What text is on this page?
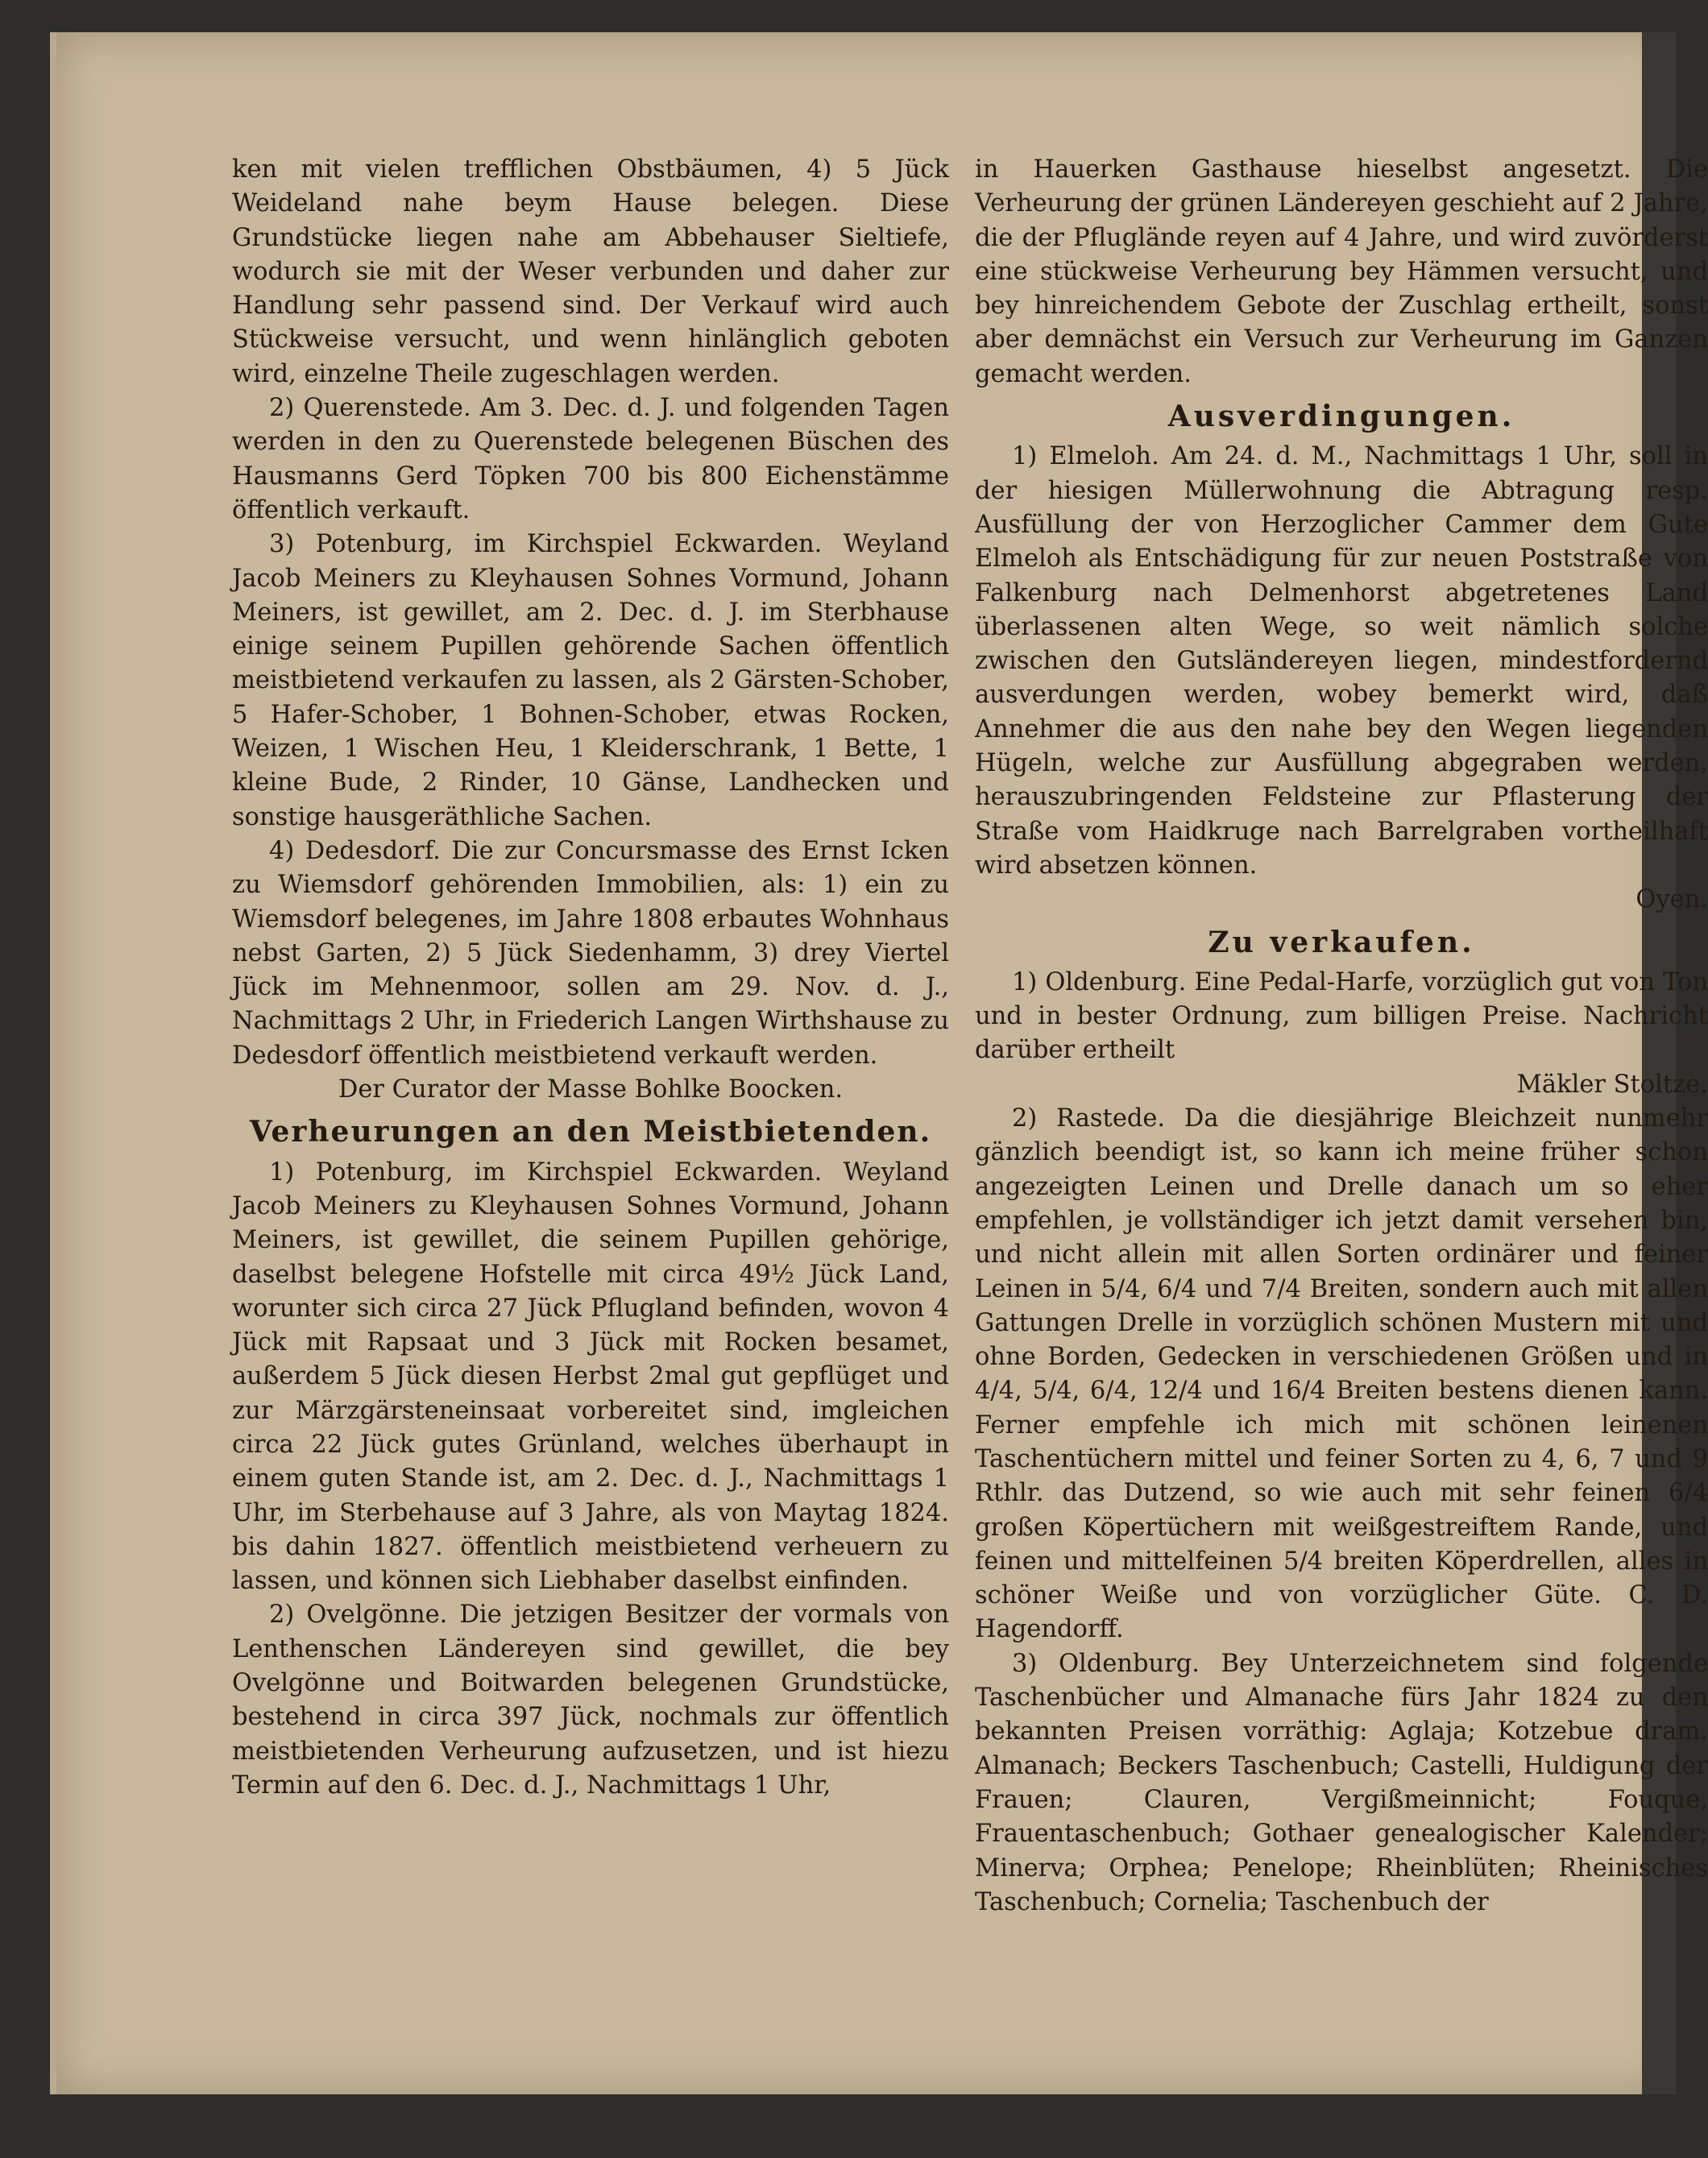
ken mit vielen trefflichen Obstbäumen, 4) 5 Jück Weideland nahe beym Hause belegen. Diese Grundstücke liegen nahe am Abbehauser Sieltiefe, wodurch sie mit der Weser verbunden und daher zur Handlung sehr passend sind. Der Verkauf wird auch Stückweise versucht, und wenn hinlänglich geboten wird, einzelne Theile zugeschlagen werden.

2) Querenstede. Am 3. Dec. d. J. und folgenden Tagen werden in den zu Querenstede belegenen Büschen des Hausmanns Gerd Töpken 700 bis 800 Eichenstämme öffentlich verkauft.

3) Potenburg, im Kirchspiel Eckwarden. Weyland Jacob Meiners zu Kleyhausen Sohnes Vormund, Johann Meiners, ist gewillet, am 2. Dec. d. J. im Sterbhause einige seinem Pupillen gehörende Sachen öffentlich meistbietend verkaufen zu lassen, als 2 Gärsten-Schober, 5 Hafer-Schober, 1 Bohnen-Schober, etwas Rocken, Weizen, 1 Wischen Heu, 1 Kleiderschrank, 1 Bette, 1 kleine Bude, 2 Rinder, 10 Gänse, Landhecken und sonstige hausgeräthliche Sachen.

4) Dedesdorf. Die zur Concursmasse des Ernst Icken zu Wiemsdorf gehörenden Immobilien, als: 1) ein zu Wiemsdorf belegenes, im Jahre 1808 erbautes Wohnhaus nebst Garten, 2) 5 Jück Siedenhamm, 3) drey Viertel Jück im Mehnenmoor, sollen am 29. Nov. d. J., Nachmittags 2 Uhr, in Friederich Langen Wirthshause zu Dedesdorf öffentlich meistbietend verkauft werden.

Der Curator der Masse Bohlke Boocken.

Verheurungen an den Meistbietenden.

1) Potenburg, im Kirchspiel Eckwarden. Weyland Jacob Meiners zu Kleyhausen Sohnes Vormund, Johann Meiners, ist gewillet, die seinem Pupillen gehörige, daselbst belegene Hofstelle mit circa 49½ Jück Land, worunter sich circa 27 Jück Pflugland befinden, wovon 4 Jück mit Rapsaat und 3 Jück mit Rocken besamet, außerdem 5 Jück diesen Herbst 2mal gut gepflüget und zur Märzgärsteneinsaat vorbereitet sind, imgleichen circa 22 Jück gutes Grünland, welches überhaupt in einem guten Stande ist, am 2. Dec. d. J., Nachmittags 1 Uhr, im Sterbehause auf 3 Jahre, als von Maytag 1824. bis dahin 1827. öffentlich meistbietend verheuern zu lassen, und können sich Liebhaber daselbst einfinden.

2) Ovelgönne. Die jetzigen Besitzer der vormals von Lenthenschen Ländereyen sind gewillet, die bey Ovelgönne und Boitwarden belegenen Grundstücke, bestehend in circa 397 Jück, nochmals zur öffentlich meistbietenden Verheurung aufzusetzen, und ist hiezu Termin auf den 6. Dec. d. J., Nachmittags 1 Uhr,

in Hauerken Gasthause hieselbst angesetzt. Die Verheurung der grünen Ländereyen geschieht auf 2 Jahre, die der Pfluglände reyen auf 4 Jahre, und wird zuvörderst eine stückweise Verheurung bey Hämmen versucht, und bey hinreichendem Gebote der Zuschlag ertheilt, sonst aber demnächst ein Versuch zur Verheurung im Ganzen gemacht werden.

Ausverdingungen.

1) Elmeloh. Am 24. d. M., Nachmittags 1 Uhr, soll in der hiesigen Müllerwohnung die Abtragung resp. Ausfüllung der von Herzoglicher Cammer dem Gute Elmeloh als Entschädigung für zur neuen Poststraße von Falkenburg nach Delmenhorst abgetretenes Land überlassenen alten Wege, so weit nämlich solche zwischen den Gutsländereyen liegen, mindestfordernd ausverdungen werden, wobey bemerkt wird, daß Annehmer die aus den nahe bey den Wegen liegenden Hügeln, welche zur Ausfüllung abgegraben werden, herauszubringenden Feldsteine zur Pflasterung der Straße vom Haidkruge nach Barrelgraben vortheilhaft wird absetzen können.

Oyen.

Zu verkaufen.

1) Oldenburg. Eine Pedal-Harfe, vorzüglich gut von Ton und in bester Ordnung, zum billigen Preise. Nachricht darüber ertheilt

Mäkler Stoltze.

2) Rastede. Da die diesjährige Bleichzeit nunmehr gänzlich beendigt ist, so kann ich meine früher schon angezeigten Leinen und Drelle danach um so eher empfehlen, je vollständiger ich jetzt damit versehen bin, und nicht allein mit allen Sorten ordinärer und feiner Leinen in 5/4, 6/4 und 7/4 Breiten, sondern auch mit allen Gattungen Drelle in vorzüglich schönen Mustern mit und ohne Borden, Gedecken in verschiedenen Größen und in 4/4, 5/4, 6/4, 12/4 und 16/4 Breiten bestens dienen kann. Ferner empfehle ich mich mit schönen leinenen Taschentüchern mittel und feiner Sorten zu 4, 6, 7 und 9 Rthlr. das Dutzend, so wie auch mit sehr feinen 6/4 großen Köpertüchern mit weißgestreiftem Rande, und feinen und mittelfeinen 5/4 breiten Köperdrellen, alles in schöner Weiße und von vorzüglicher Güte. C. D. Hagendorff.

3) Oldenburg. Bey Unterzeichnetem sind folgende Taschenbücher und Almanache fürs Jahr 1824 zu den bekannten Preisen vorräthig: Aglaja; Kotzebue dram. Almanach; Beckers Taschenbuch; Castelli, Huldigung der Frauen; Clauren, Vergißmeinnicht; Fouque, Frauentaschenbuch; Gothaer genealogischer Kalender; Minerva; Orphea; Penelope; Rheinblüten; Rheinisches Taschenbuch; Cornelia; Taschenbuch der
